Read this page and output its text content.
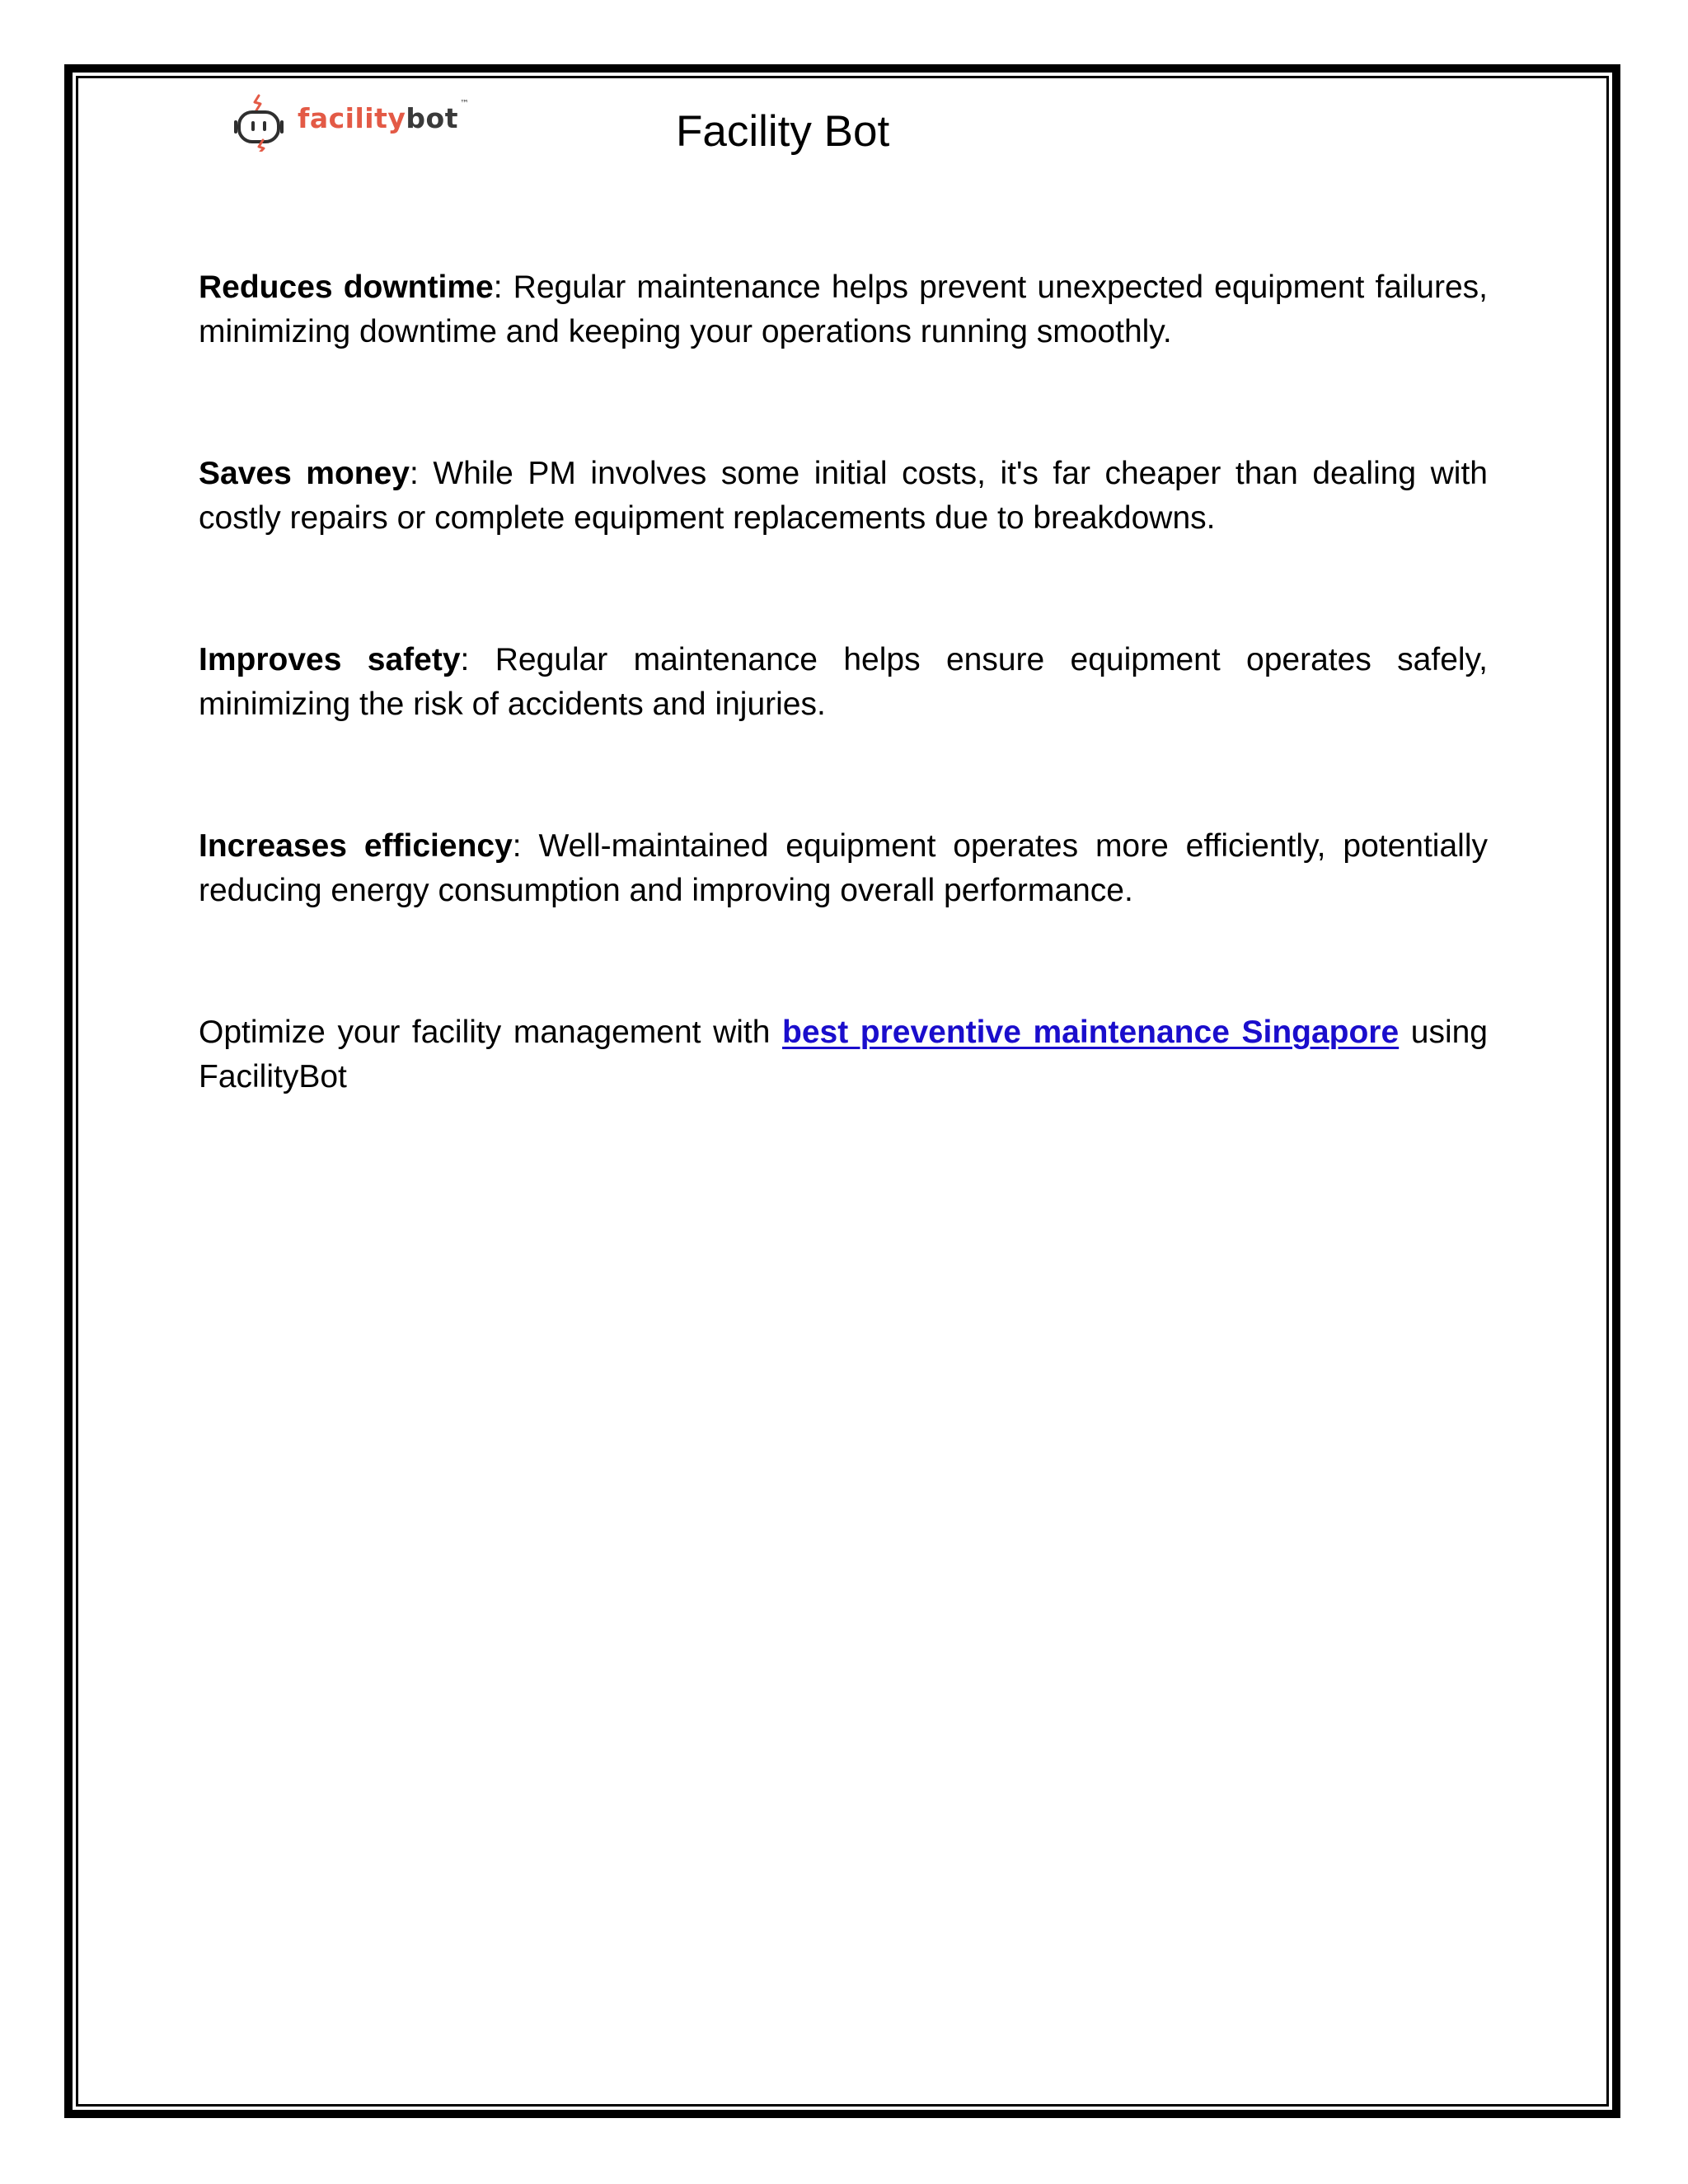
facilitybot ™
Facility Bot

Reduces downtime: Regular maintenance helps prevent unexpected equipment failures, minimizing downtime and keeping your operations running smoothly.

Saves money: While PM involves some initial costs, it's far cheaper than dealing with costly repairs or complete equipment replacements due to breakdowns.

Improves safety: Regular maintenance helps ensure equipment operates safely, minimizing the risk of accidents and injuries.

Increases efficiency: Well-maintained equipment operates more efficiently, potentially reducing energy consumption and improving overall performance.

Optimize your facility management with best preventive maintenance Singapore using FacilityBot
